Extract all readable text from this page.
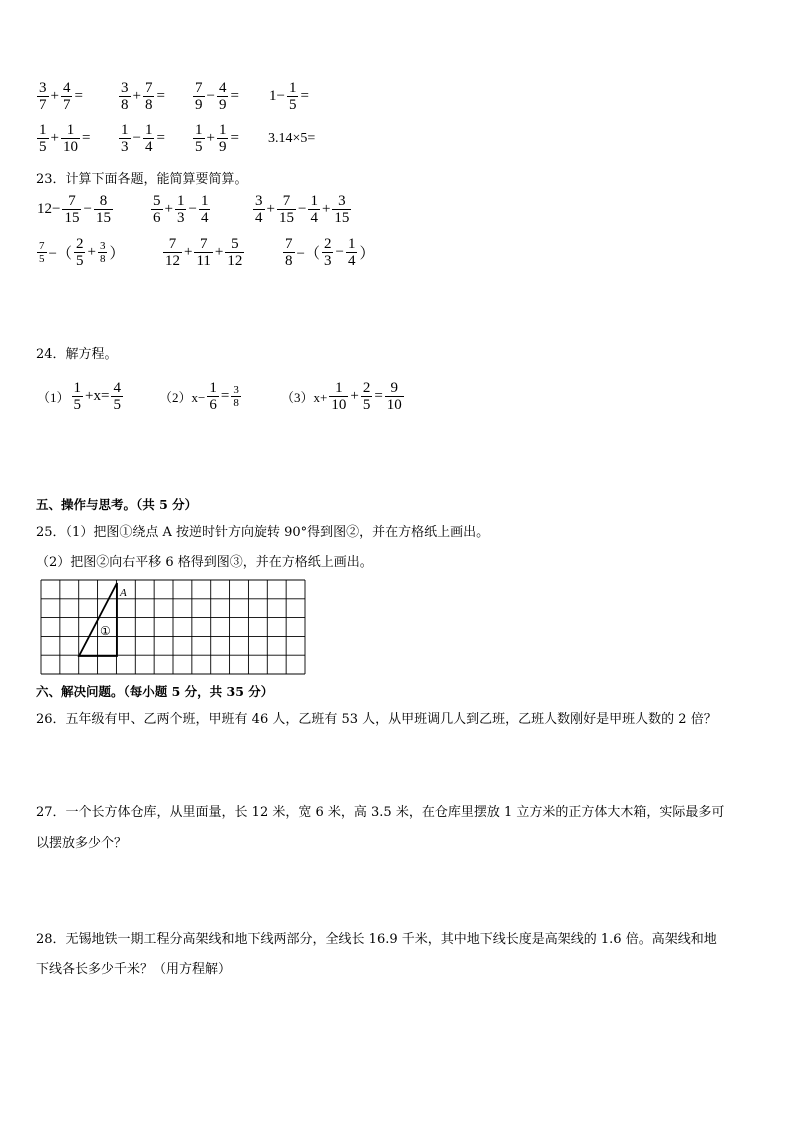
$\frac{3}{7} + \frac{4}{7} = \frac{3}{8} + \frac{7}{8} = \frac{7}{9} - \frac{4}{9} = 1- \frac{1}{5}$ =
$\frac{1}{5} + \frac{1}{10} = \frac{1}{3} - \frac{1}{4} = \frac{1}{5} + \frac{1}{9} = 3.14\times 5=$
23．计算下面各题，能简算要简算。
$12- \frac{7}{15} - \frac{8}{15}$	$\frac{5}{6} + \frac{1}{3} - \frac{1}{4}$	$\frac{3}{4} + \frac{7}{15} - \frac{1}{4} + \frac{3}{15}$
$\frac{7}{5}$ −（ $\frac{2}{5} + \frac{3}{8}$ ）	$\frac{7}{12} + \frac{7}{11} + \frac{5}{12}$	$\frac{7}{8}$ −（ $\frac{2}{3} - \frac{1}{4}$ ）
24．解方程。
$(1) \frac{1}{5} +x= \frac{4}{5}$	$(2)x- \frac{1}{6} = \frac{3}{8}$	$(3)x+ \frac{1}{10} + \frac{2}{5} = \frac{9}{10}$
五、操作与思考。（共 5 分）
25．（1）把图①绕点 A 按逆时针方向旋转 90°得到图②，并在方格纸上画出。
（2）把图②向右平移 6 格得到图③，并在方格纸上画出。
A
①
六、解决问题。（每小题 5 分，共 35 分）
26．五年级有甲、乙两个班，甲班有 46 人，乙班有 53 人，从甲班调几人到乙班，乙班人数刚好是甲班人数的 2 倍？
27．一个长方体仓库，从里面量，长 12 米，宽 6 米，高 3.5 米，在仓库里摆放 1 立方米的正方体大木箱，实际最多可
以摆放多少个？
28．无锡地铁一期工程分高架线和地下线两部分，全线长 16.9 千米，其中地下线长度是高架线的 1.6 倍。高架线和地
下线各长多少千米？（用方程解）
